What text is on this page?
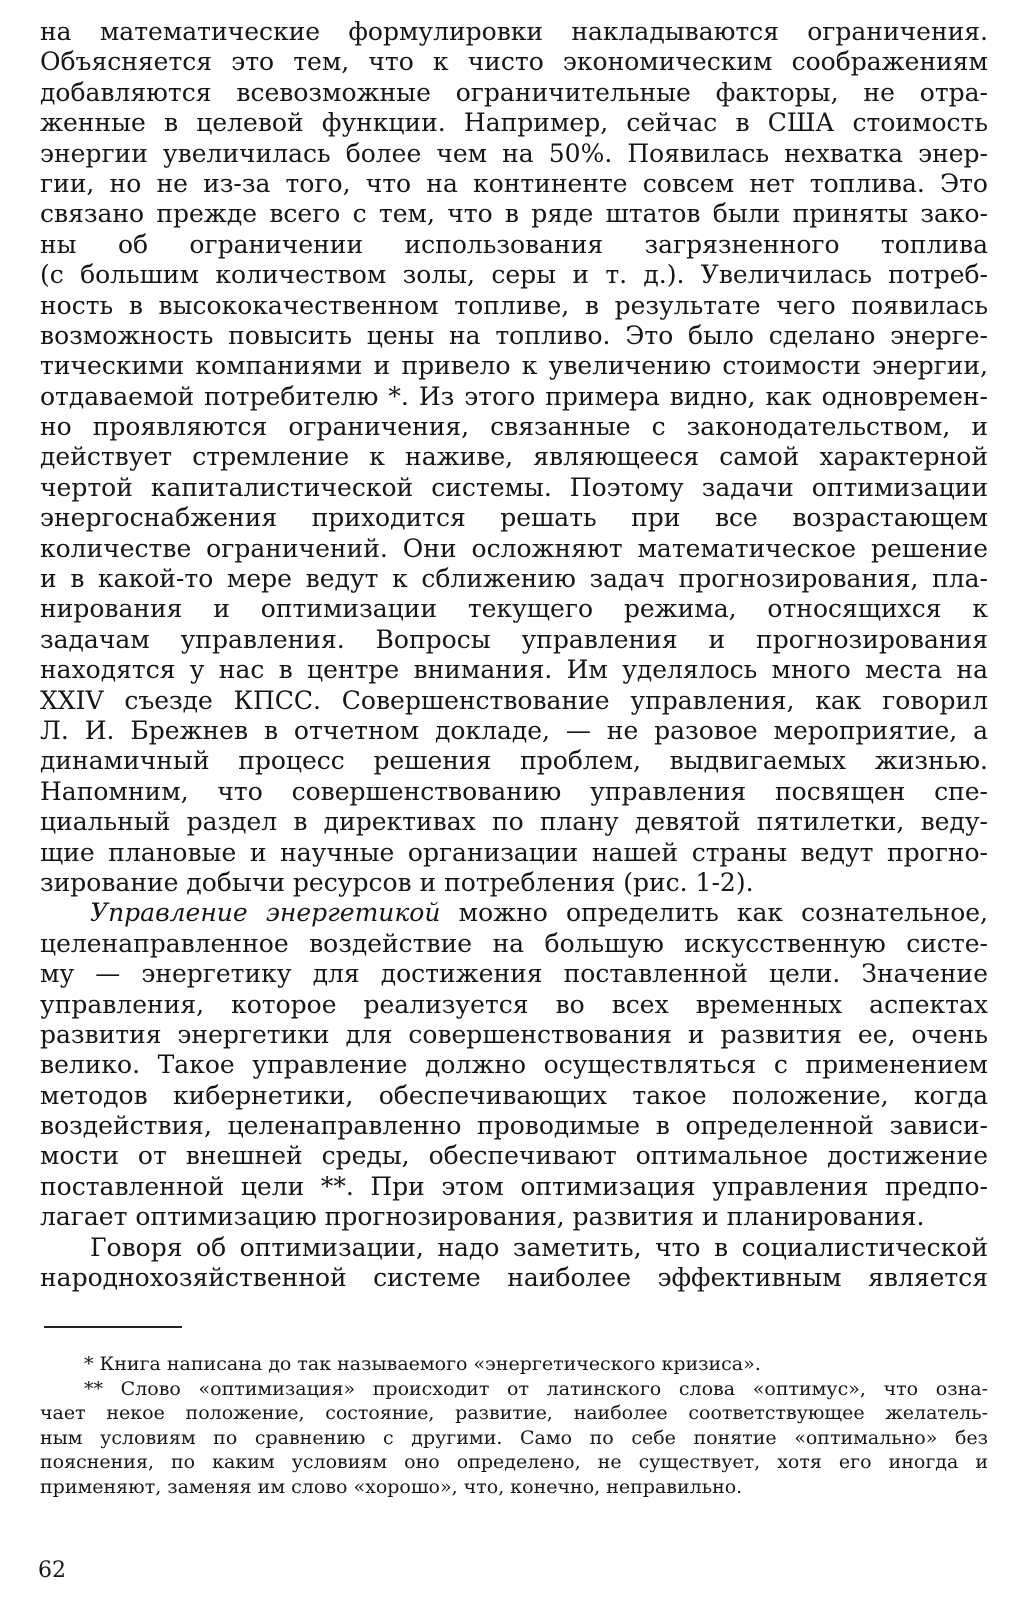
на математические формулировки накладываются ограничения.
Объясняется это тем, что к чисто экономическим соображениям
добавляются всевозможные ограничительные факторы, не отра-
женные в целевой функции. Например, сейчас в США стоимость
энергии увеличилась более чем на 50%. Появилась нехватка энер-
гии, но не из-за того, что на континенте совсем нет топлива. Это
связано прежде всего с тем, что в ряде штатов были приняты зако-
ны об ограничении использования загрязненного топлива
(с большим количеством золы, серы и т. д.). Увеличилась потреб-
ность в высококачественном топливе, в результате чего появилась
возможность повысить цены на топливо. Это было сделано энерге-
тическими компаниями и привело к увеличению стоимости энергии,
отдаваемой потребителю *. Из этого примера видно, как одновремен-
но проявляются ограничения, связанные с законодательством, и
действует стремление к наживе, являющееся самой характерной
чертой капиталистической системы. Поэтому задачи оптимизации
энергоснабжения приходится решать при все возрастающем
количестве ограничений. Они осложняют математическое решение
и в какой-то мере ведут к сближению задач прогнозирования, пла-
нирования и оптимизации текущего режима, относящихся к
задачам управления. Вопросы управления и прогнозирования
находятся у нас в центре внимания. Им уделялось много места на
XXIV съезде КПСС. Совершенствование управления, как говорил
Л. И. Брежнев в отчетном докладе, — не разовое мероприятие, а
динамичный процесс решения проблем, выдвигаемых жизнью.
Напомним, что совершенствованию управления посвящен спе-
циальный раздел в директивах по плану девятой пятилетки, веду-
щие плановые и научные организации нашей страны ведут прогно-
зирование добычи ресурсов и потребления (рис. 1-2).
Управление энергетикой можно определить как сознательное,
целенаправленное воздействие на большую искусственную систе-
му — энергетику для достижения поставленной цели. Значение
управления, которое реализуется во всех временных аспектах
развития энергетики для совершенствования и развития ее, очень
велико. Такое управление должно осуществляться с применением
методов кибернетики, обеспечивающих такое положение, когда
воздействия, целенаправленно проводимые в определенной зависи-
мости от внешней среды, обеспечивают оптимальное достижение
поставленной цели **. При этом оптимизация управления предпо-
лагает оптимизацию прогнозирования, развития и планирования.
Говоря об оптимизации, надо заметить, что в социалистической
народнохозяйственной системе наиболее эффективным является
* Книга написана до так называемого «энергетического кризиса».
** Слово «оптимизация» происходит от латинского слова «оптимус», что озна-
чает некое положение, состояние, развитие, наиболее соответствующее желатель-
ным условиям по сравнению с другими. Само по себе понятие «оптимально» без
пояснения, по каким условиям оно определено, не существует, хотя его иногда и
применяют, заменяя им слово «хорошо», что, конечно, неправильно.
62
